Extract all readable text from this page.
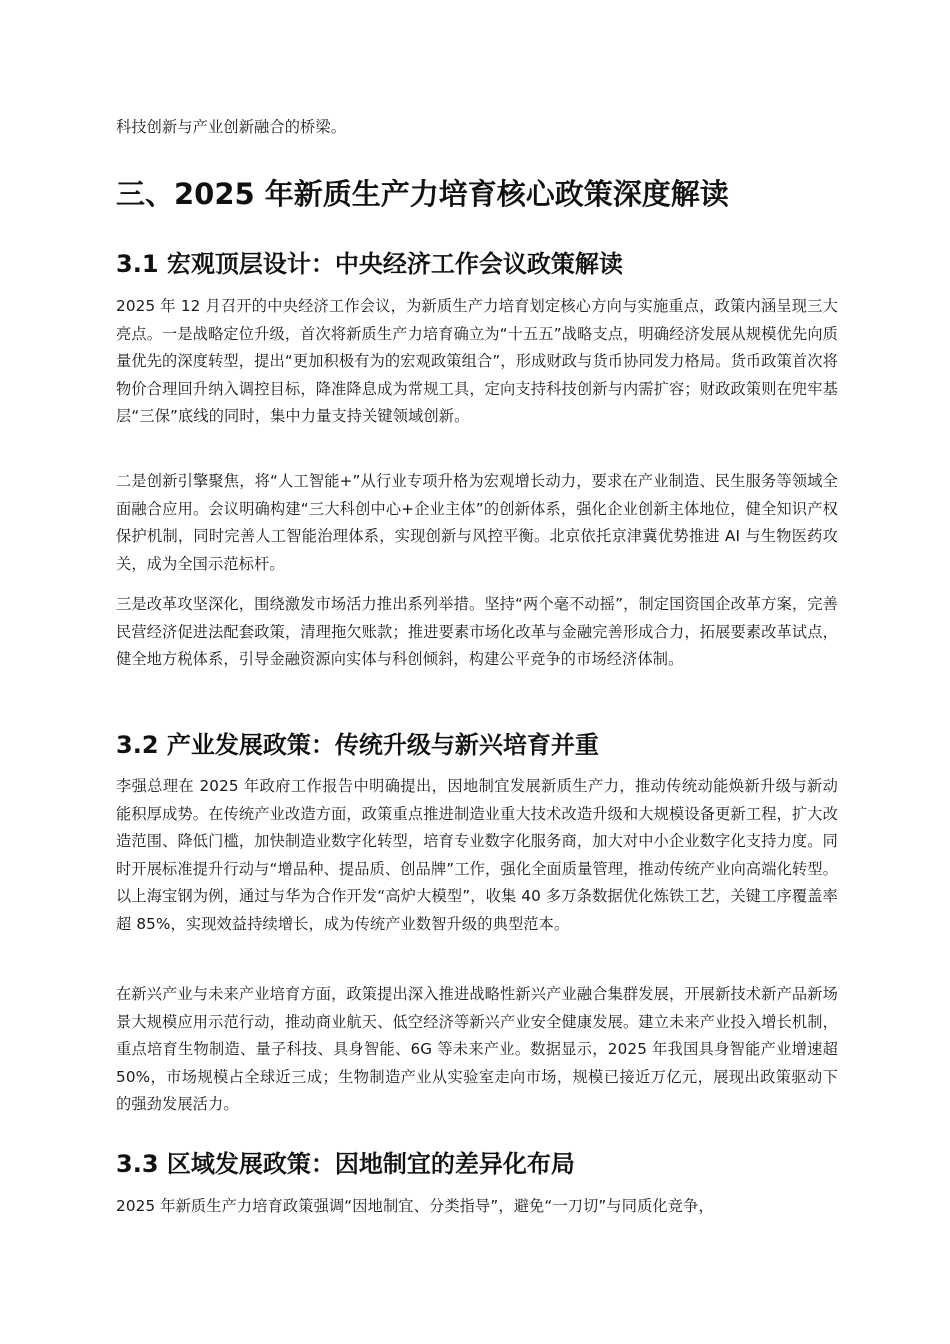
科技创新与产业创新融合的桥梁。

三、2025 年新质生产力培育核心政策深度解读
3.1 宏观顶层设计：中央经济工作会议政策解读

2025 年 12 月召开的中央经济工作会议，为新质生产力培育划定核心方向与实施重点，政策内涵呈现三大亮点。一是战略定位升级，首次将新质生产力培育确立为“十五五”战略支点，明确经济发展从规模优先向质量优先的深度转型，提出“更加积极有为的宏观政策组合”，形成财政与货币协同发力格局。货币政策首次将物价合理回升纳入调控目标，降准降息成为常规工具，定向支持科技创新与内需扩容；财政政策则在兜牢基层“三保”底线的同时，集中力量支持关键领域创新。

二是创新引擎聚焦，将“人工智能+”从行业专项升格为宏观增长动力，要求在产业制造、民生服务等领域全面融合应用。会议明确构建“三大科创中心+企业主体”的创新体系，强化企业创新主体地位，健全知识产权保护机制，同时完善人工智能治理体系，实现创新与风控平衡。北京依托京津冀优势推进 AI 与生物医药攻关，成为全国示范标杆。

三是改革攻坚深化，围绕激发市场活力推出系列举措。坚持“两个毫不动摇”，制定国资国企改革方案，完善民营经济促进法配套政策，清理拖欠账款；推进要素市场化改革与金融完善形成合力，拓展要素改革试点，健全地方税体系，引导金融资源向实体与科创倾斜，构建公平竞争的市场经济体制。

3.2 产业发展政策：传统升级与新兴培育并重

李强总理在 2025 年政府工作报告中明确提出，因地制宜发展新质生产力，推动传统动能焕新升级与新动能积厚成势。在传统产业改造方面，政策重点推进制造业重大技术改造升级和大规模设备更新工程，扩大改造范围、降低门槛，加快制造业数字化转型，培育专业数字化服务商，加大对中小企业数字化支持力度。同时开展标准提升行动与“增品种、提品质、创品牌”工作，强化全面质量管理，推动传统产业向高端化转型。以上海宝钢为例，通过与华为合作开发“高炉大模型”，收集 40 多万条数据优化炼铁工艺，关键工序覆盖率超 85%，实现效益持续增长，成为传统产业数智升级的典型范本。

在新兴产业与未来产业培育方面，政策提出深入推进战略性新兴产业融合集群发展，开展新技术新产品新场景大规模应用示范行动，推动商业航天、低空经济等新兴产业安全健康发展。建立未来产业投入增长机制，重点培育生物制造、量子科技、具身智能、6G 等未来产业。数据显示，2025 年我国具身智能产业增速超 50%，市场规模占全球近三成；生物制造产业从实验室走向市场，规模已接近万亿元，展现出政策驱动下的强劲发展活力。

3.3 区域发展政策：因地制宜的差异化布局

2025 年新质生产力培育政策强调“因地制宜、分类指导”，避免“一刀切”与同质化竞争，
